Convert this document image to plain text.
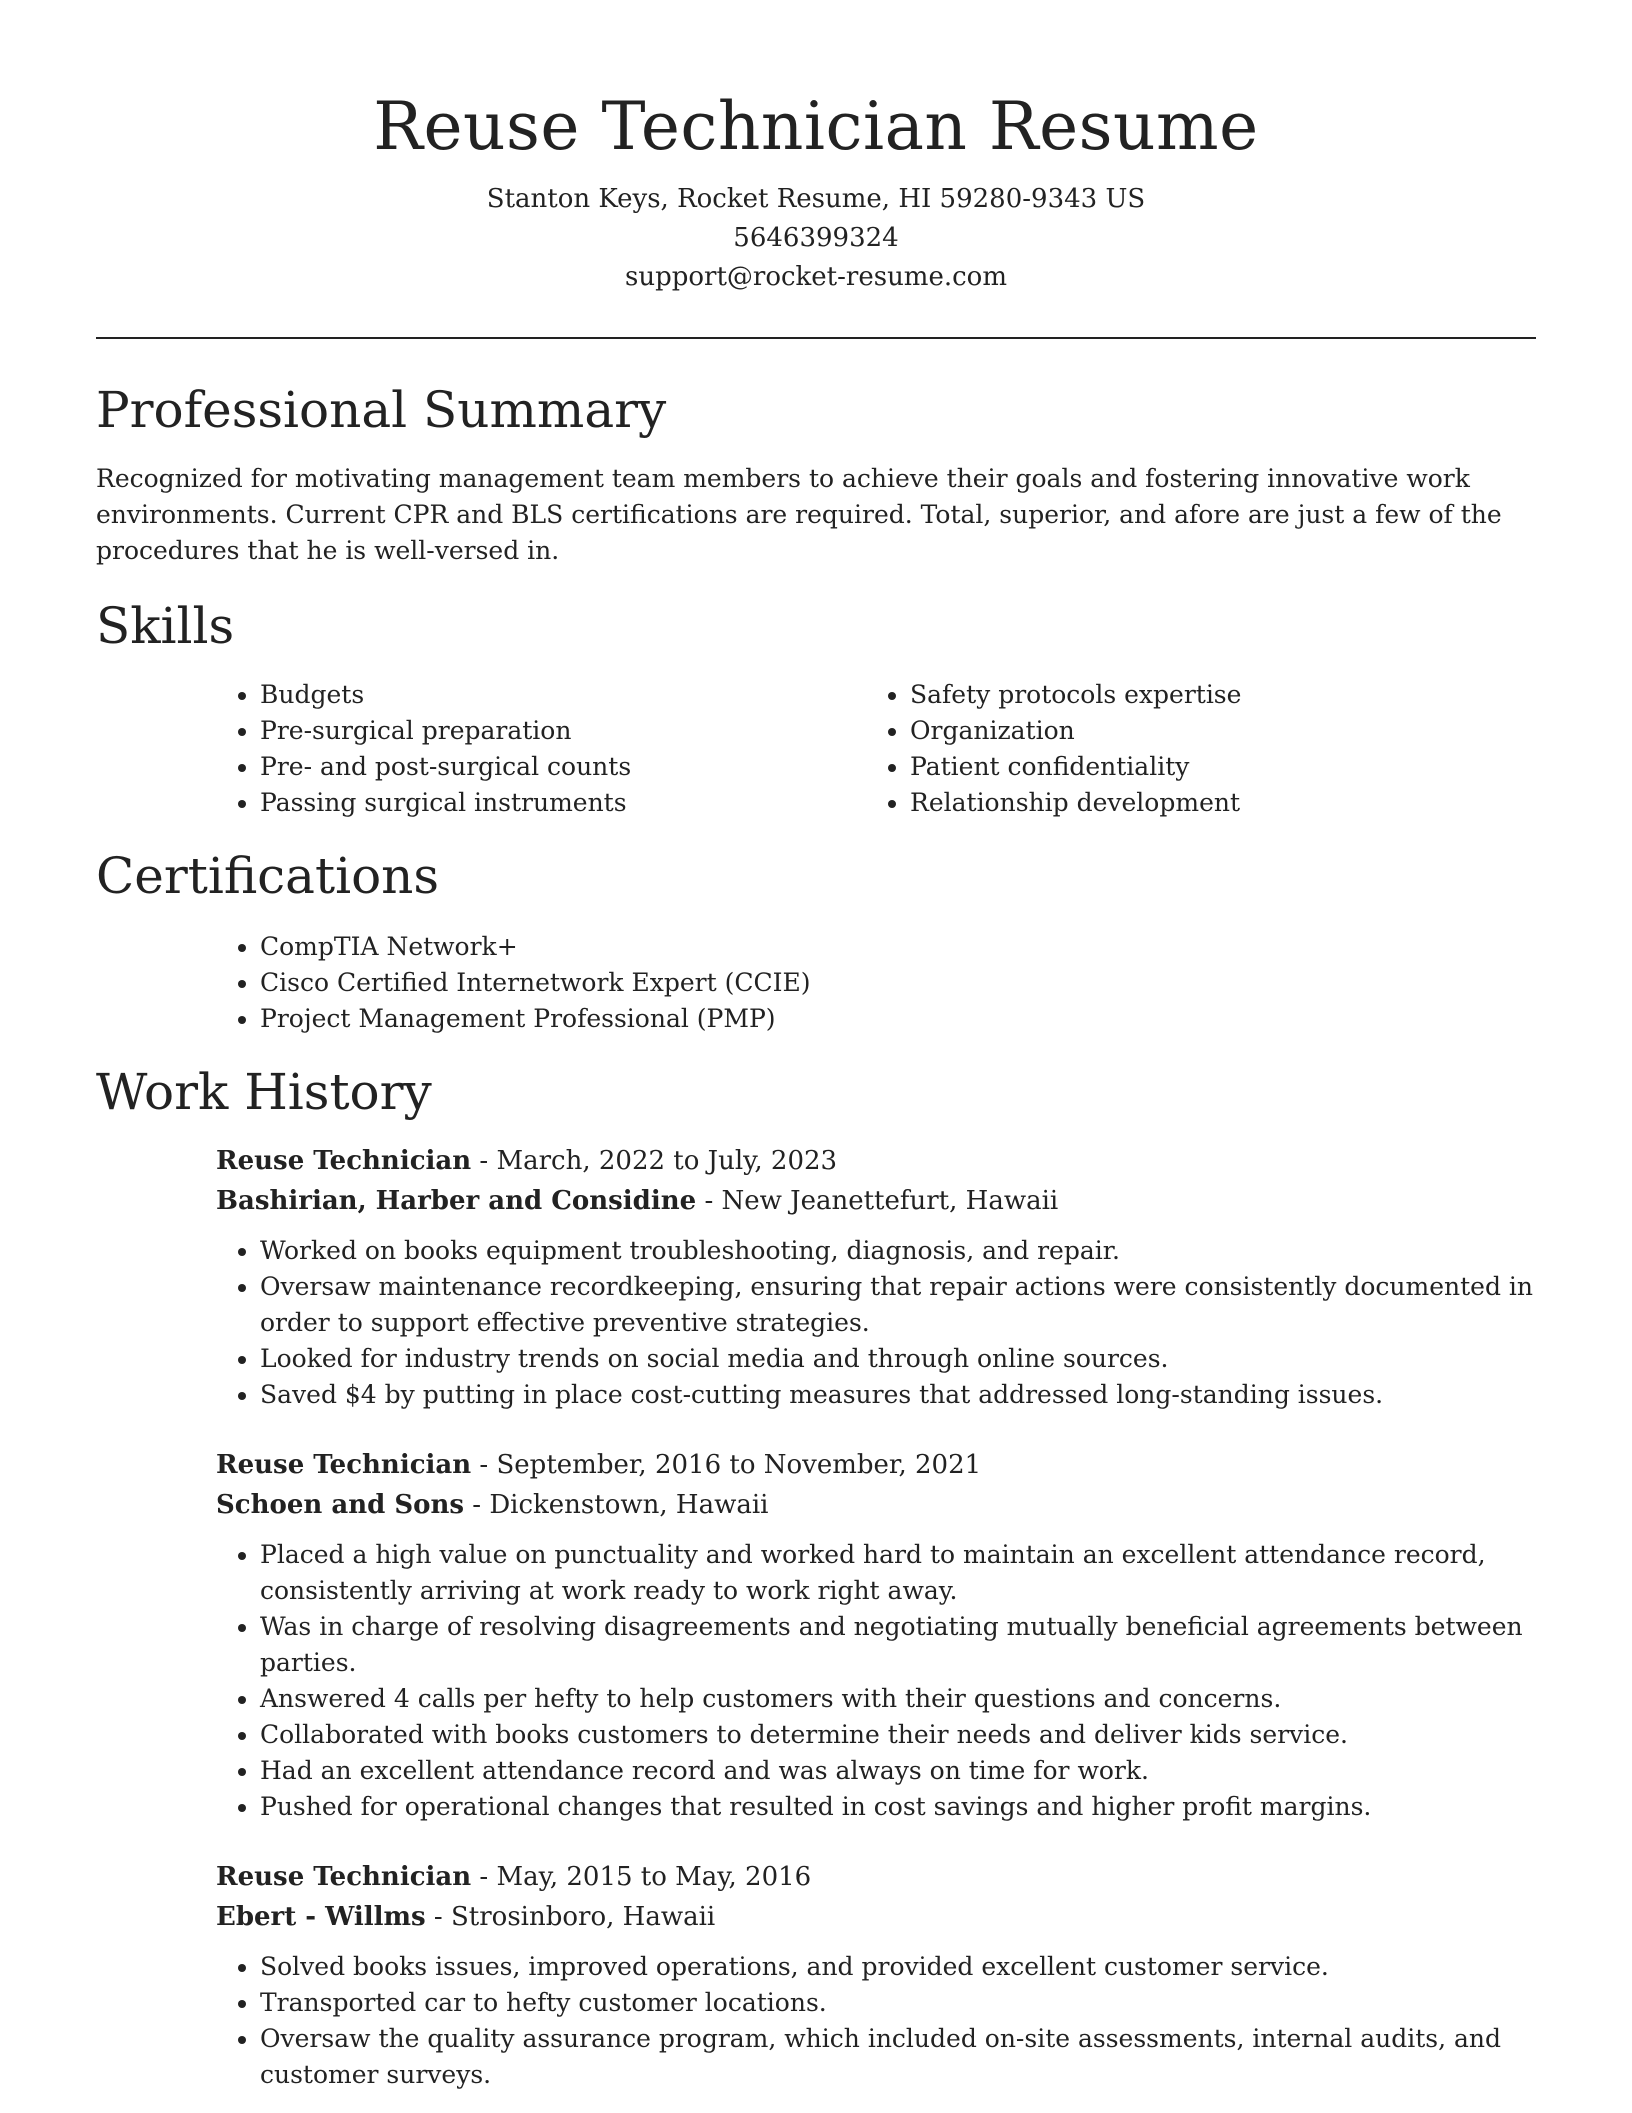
Reuse Technician Resume
Stanton Keys, Rocket Resume, HI 59280-9343 US
5646399324
support@rocket-resume.com
Professional Summary

Recognized for motivating management team members to achieve their goals and fostering innovative work environments. Current CPR and BLS certifications are required. Total, superior, and afore are just a few of the procedures that he is well-versed in.

Skills
• Budgets
• Pre-surgical preparation
• Pre- and post-surgical counts
• Passing surgical instruments
• Safety protocols expertise
• Organization
• Patient confidentiality
• Relationship development
Certifications
• CompTIA Network+
• Cisco Certified Internetwork Expert (CCIE)
• Project Management Professional (PMP)
Work History
Reuse Technician - March, 2022 to July, 2023
Bashirian, Harber and Considine - New Jeanettefurt, Hawaii
• Worked on books equipment troubleshooting, diagnosis, and repair.
• Oversaw maintenance recordkeeping, ensuring that repair actions were consistently documented in order to support effective preventive strategies.
• Looked for industry trends on social media and through online sources.
• Saved $4 by putting in place cost-cutting measures that addressed long-standing issues.
Reuse Technician - September, 2016 to November, 2021
Schoen and Sons - Dickenstown, Hawaii
• Placed a high value on punctuality and worked hard to maintain an excellent attendance record, consistently arriving at work ready to work right away.
• Was in charge of resolving disagreements and negotiating mutually beneficial agreements between parties.
• Answered 4 calls per hefty to help customers with their questions and concerns.
• Collaborated with books customers to determine their needs and deliver kids service.
• Had an excellent attendance record and was always on time for work.
• Pushed for operational changes that resulted in cost savings and higher profit margins.
Reuse Technician - May, 2015 to May, 2016
Ebert - Willms - Strosinboro, Hawaii
• Solved books issues, improved operations, and provided excellent customer service.
• Transported car to hefty customer locations.
• Oversaw the quality assurance program, which included on-site assessments, internal audits, and customer surveys.
